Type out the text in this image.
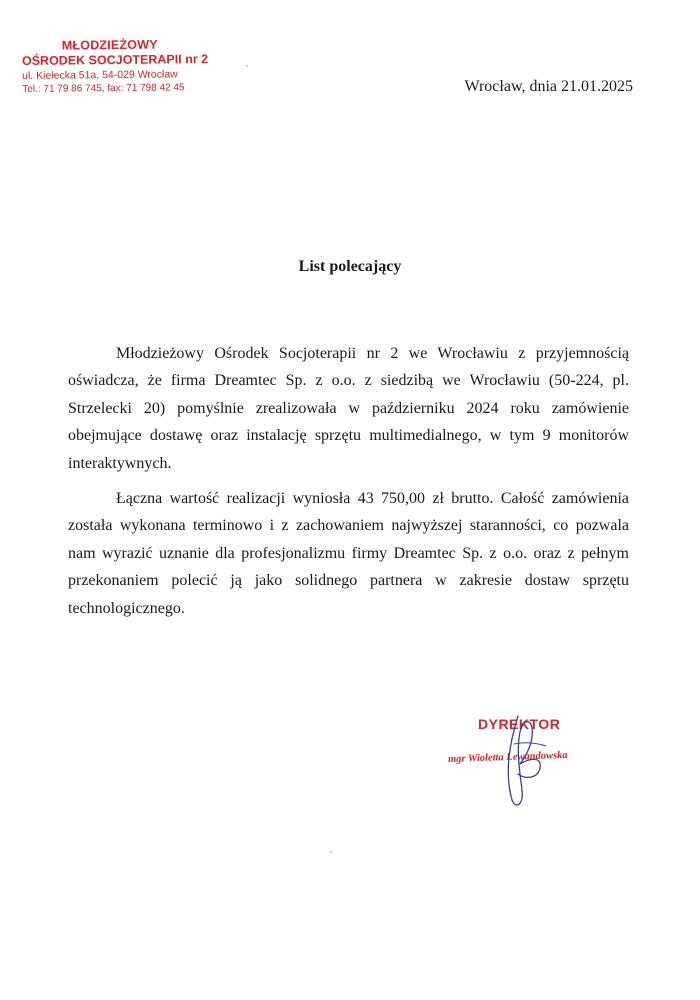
MŁODZIEŻOWY
OŚRODEK SOCJOTERAPII nr 2
ul. Kielecka 51a, 54-029 Wrocław
Tel.: 71 79 86 745, fax: 71 798 42 45	Wrocław, dnia 21.01.2025
List polecający

Młodzieżowy Ośrodek Socjoterapii nr 2 we Wrocławiu z przyjemnością oświadcza, że firma Dreamtec Sp. z o.o. z siedzibą we Wrocławiu (50-224, pl. Strzelecki 20) pomyślnie zrealizowała w październiku 2024 roku zamówienie obejmujące dostawę oraz instalację sprzętu multimedialnego, w tym 9 monitorów interaktywnych.

Łączna wartość realizacji wyniosła 43 750,00 zł brutto. Całość zamówienia została wykonana terminowo i z zachowaniem najwyższej staranności, co pozwala nam wyrazić uznanie dla profesjonalizmu firmy Dreamtec Sp. z o.o. oraz z pełnym przekonaniem polecić ją jako solidnego partnera w zakresie dostaw sprzętu technologicznego.

DYREKTOR
mgr Wioletta Lewandowska
